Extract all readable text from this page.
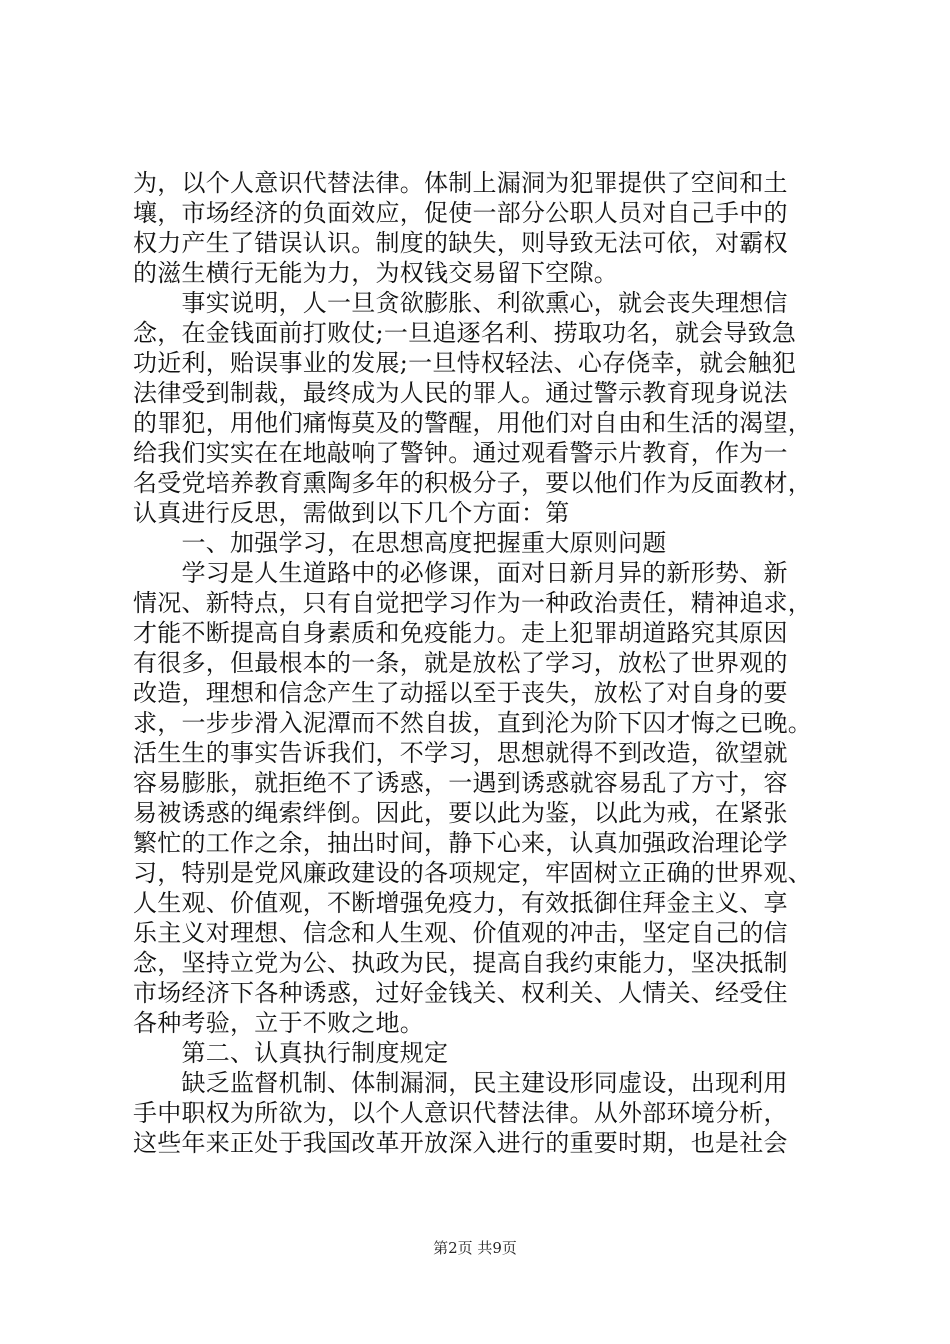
为，以个人意识代替法律。体制上漏洞为犯罪提供了空间和土
壤，市场经济的负面效应，促使一部分公职人员对自己手中的
权力产生了错误认识。制度的缺失，则导致无法可依，对霸权
的滋生横行无能为力，为权钱交易留下空隙。
　　事实说明，人一旦贪欲膨胀、利欲熏心，就会丧失理想信
念，在金钱面前打败仗;一旦追逐名利、捞取功名，就会导致急
功近利，贻误事业的发展;一旦恃权轻法、心存侥幸，就会触犯
法律受到制裁，最终成为人民的罪人。通过警示教育现身说法
的罪犯，用他们痛悔莫及的警醒，用他们对自由和生活的渴望，
给我们实实在在地敲响了警钟。通过观看警示片教育，作为一
名受党培养教育熏陶多年的积极分子，要以他们作为反面教材，
认真进行反思，需做到以下几个方面：第
　　一、加强学习，在思想高度把握重大原则问题
　　学习是人生道路中的必修课，面对日新月异的新形势、新
情况、新特点，只有自觉把学习作为一种政治责任，精神追求，
才能不断提高自身素质和免疫能力。走上犯罪胡道路究其原因
有很多，但最根本的一条，就是放松了学习，放松了世界观的
改造，理想和信念产生了动摇以至于丧失，放松了对自身的要
求，一步步滑入泥潭而不然自拔，直到沦为阶下囚才悔之已晚。
活生生的事实告诉我们，不学习，思想就得不到改造，欲望就
容易膨胀，就拒绝不了诱惑，一遇到诱惑就容易乱了方寸，容
易被诱惑的绳索绊倒。因此，要以此为鉴，以此为戒，在紧张
繁忙的工作之余，抽出时间，静下心来，认真加强政治理论学
习，特别是党风廉政建设的各项规定，牢固树立正确的世界观、
人生观、价值观，不断增强免疫力，有效抵御住拜金主义、享
乐主义对理想、信念和人生观、价值观的冲击，坚定自己的信
念，坚持立党为公、执政为民，提高自我约束能力，坚决抵制
市场经济下各种诱惑，过好金钱关、权利关、人情关、经受住
各种考验，立于不败之地。
　　第二、认真执行制度规定
　　缺乏监督机制、体制漏洞，民主建设形同虚设，出现利用
手中职权为所欲为，以个人意识代替法律。从外部环境分析，
这些年来正处于我国改革开放深入进行的重要时期，也是社会
第2页 共9页
